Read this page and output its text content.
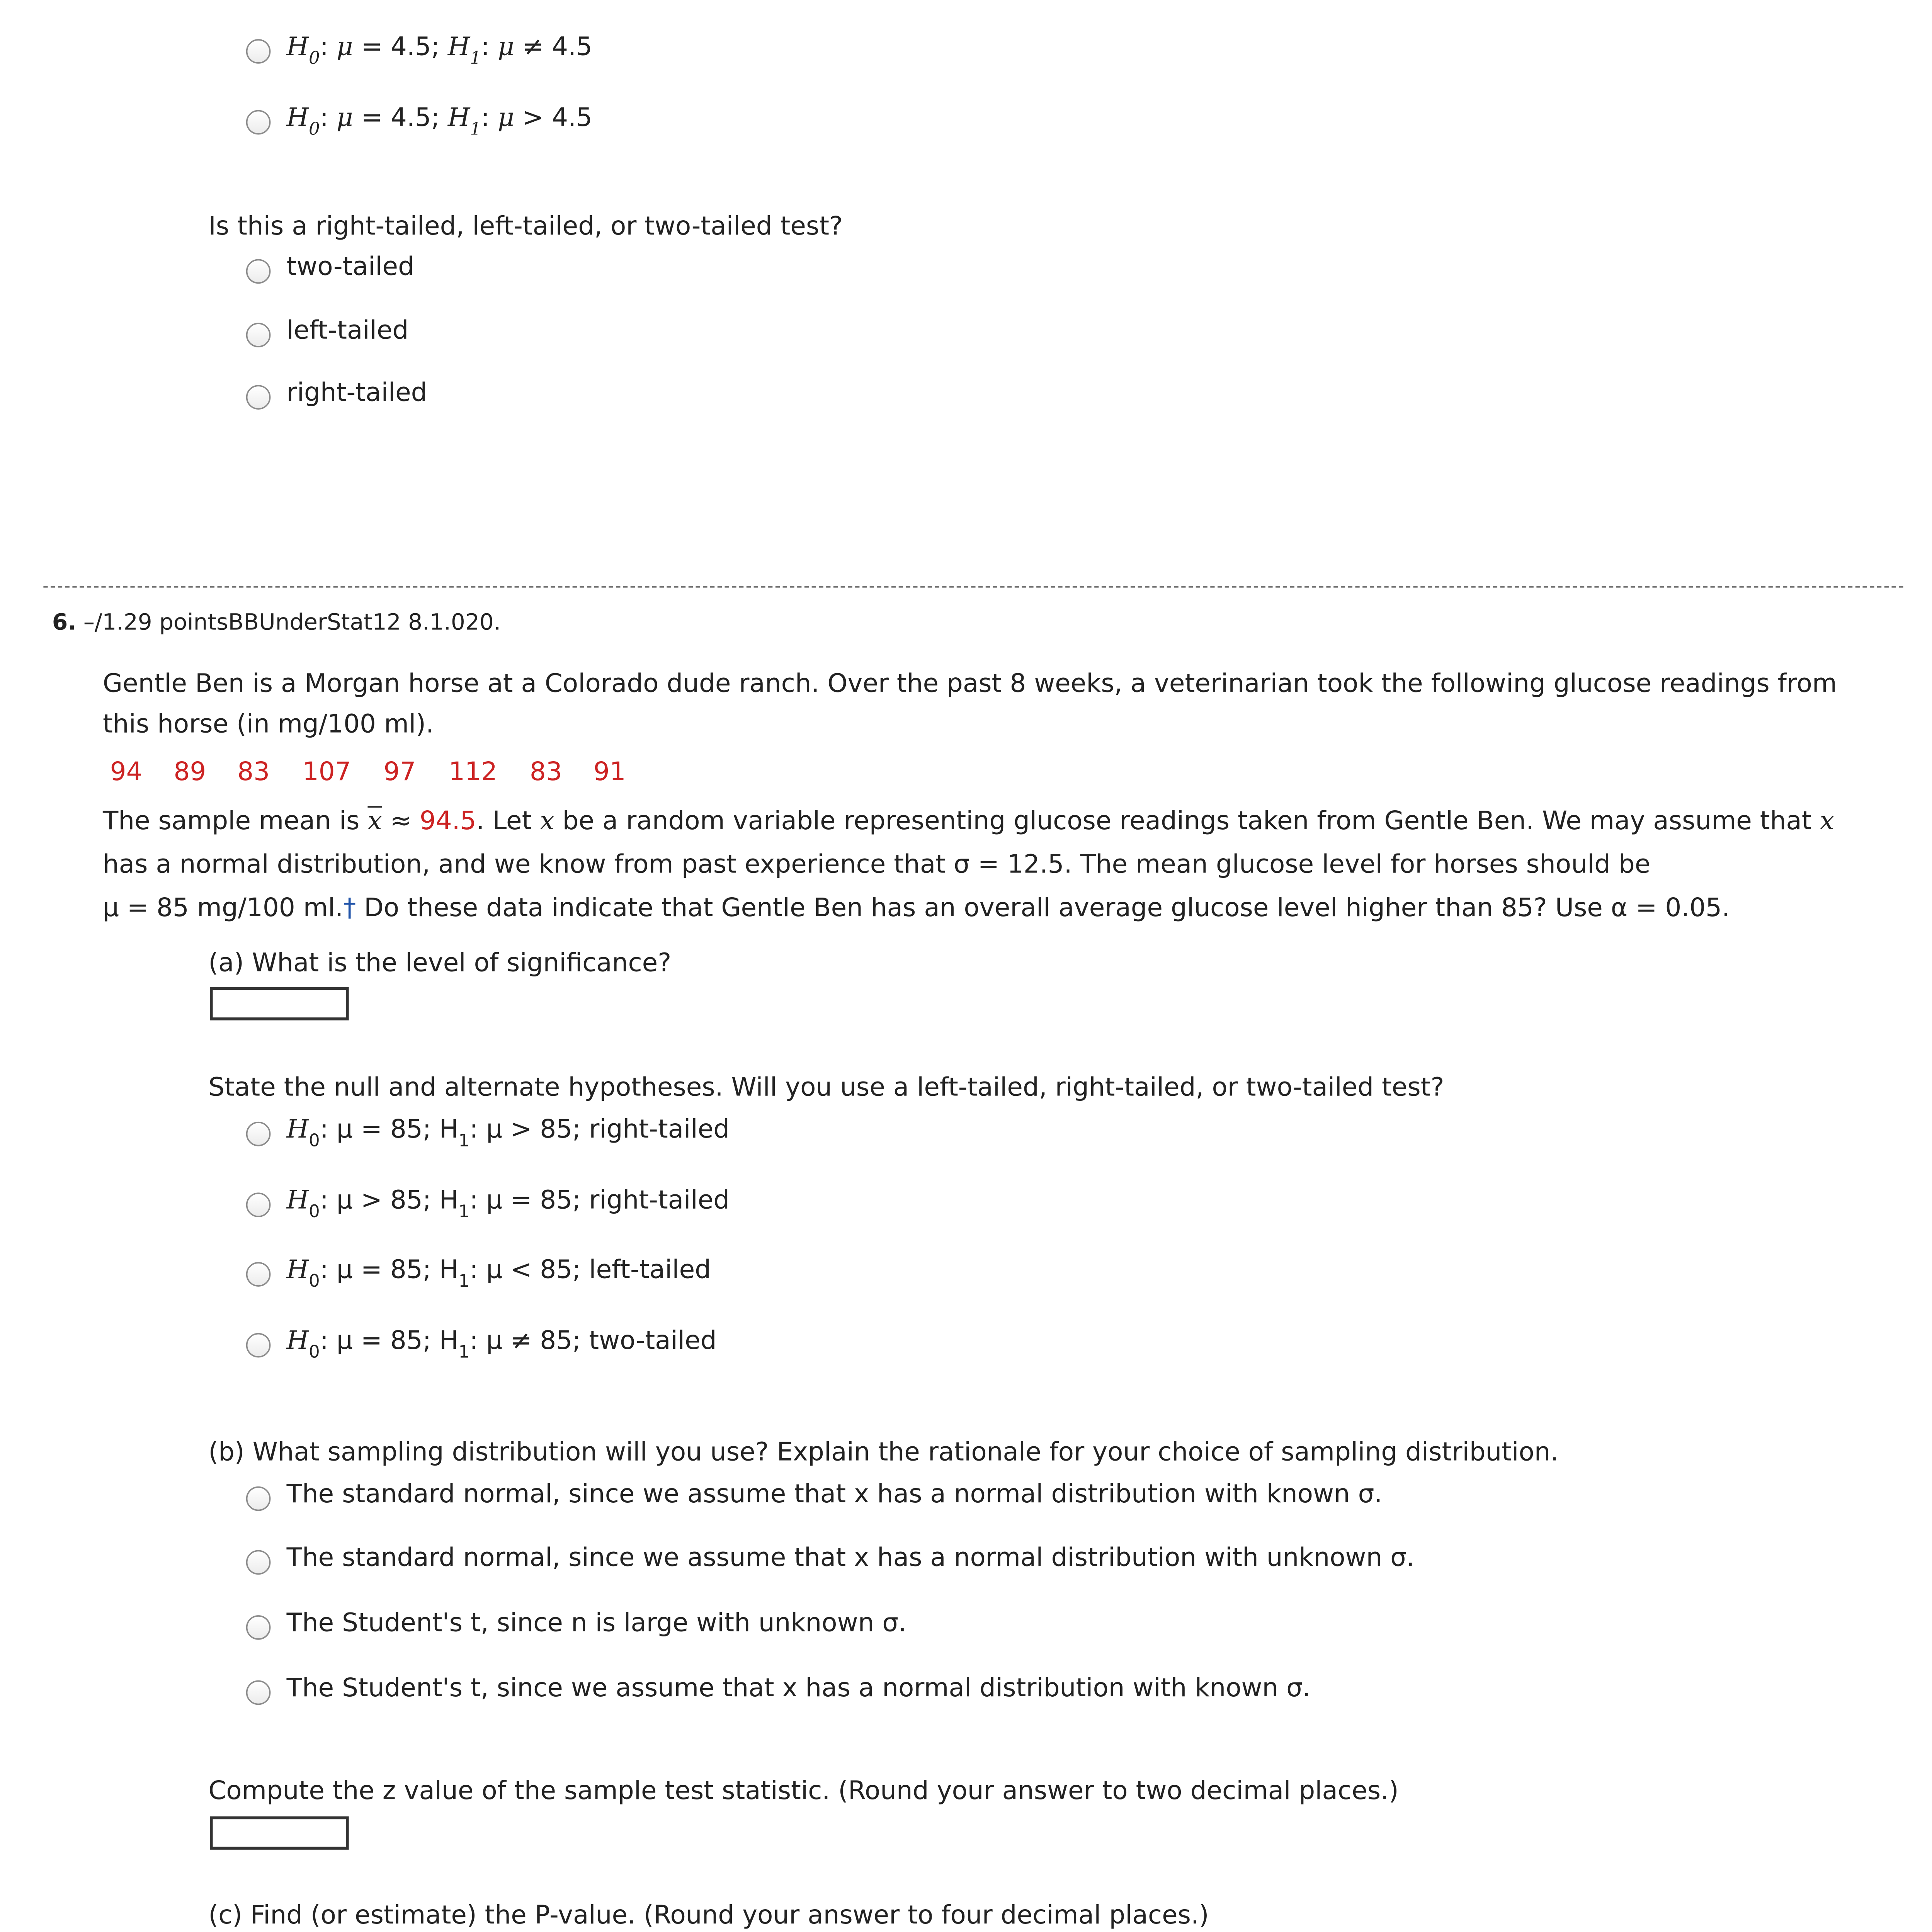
$H_0$: μ = 4.5; $H_1$: μ ≠ 4.5
$H_0$: μ = 4.5; $H_1$: μ > 4.5
Is this a right-tailed, left-tailed, or two-tailed test?
two-tailed
left-tailed
right-tailed
6. –/1.29 pointsBBUnderStat12 8.1.020.
Gentle Ben is a Morgan horse at a Colorado dude ranch. Over the past 8 weeks, a veterinarian took the following glucose readings from
this horse (in mg/100 ml).
94	89	83	107	97	112	83	91
The sample mean is $\overline{x} \approx 94.5$. Let x be a random variable representing glucose readings taken from Gentle Ben. We may assume that x
has a normal distribution, and we know from past experience that σ = 12.5. The mean glucose level for horses should be
μ = 85 mg/100 ml.† Do these data indicate that Gentle Ben has an overall average glucose level higher than 85? Use α = 0.05.
(a) What is the level of significance?
State the null and alternate hypotheses. Will you use a left-tailed, right-tailed, or two-tailed test?
$H_0$: μ = 85; $H_1$: μ > 85; right-tailed
$H_0$: μ > 85; $H_1$: μ = 85; right-tailed
$H_0$: μ = 85; $H_1$: μ < 85; left-tailed
$H_0$: μ = 85; $H_1$: μ ≠ 85; two-tailed
(b) What sampling distribution will you use? Explain the rationale for your choice of sampling distribution.
The standard normal, since we assume that x has a normal distribution with known σ.
The standard normal, since we assume that x has a normal distribution with unknown σ.
The Student's t, since n is large with unknown σ.
The Student's t, since we assume that x has a normal distribution with known σ.
Compute the z value of the sample test statistic. (Round your answer to two decimal places.)
(c) Find (or estimate) the P-value. (Round your answer to four decimal places.)
